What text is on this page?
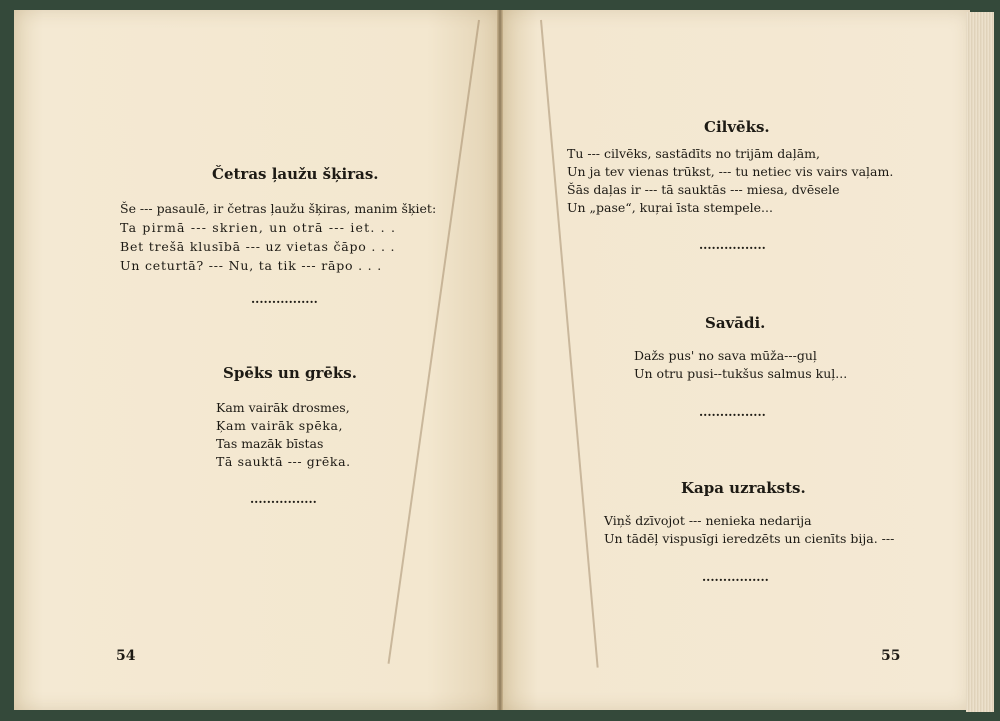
Četras ļaužu šķiras.
Še --- pasaulē, ir četras ļaužu šķiras, manim šķiet:
Ta pirmā --- skrien, un otrā --- iet. . .
Bet trešā klusībā --- uz vietas čāpo . . .
Un ceturtā? --- Nu, ta tik --- rāpo . . .
................
Spēks un grēks.
Kam vairāk drosmes,
Ķam vairāk spēka,
Tas mazāk bīstas
Tā sauktā --- grēka.
................
54
Cilvēks.
Tu --- cilvēks, sastādīts no trijām daļām,
Un ja tev vienas trūkst, --- tu netiec vis vairs vaļam.
Šās daļas ir --- tā sauktās --- miesa, dvēsele
Un „pase“, kuŗai īsta stempele...
................
Savādi.
Dažs pus' no sava mūža---guļ
Un otru pusi--tukšus salmus kuļ...
................
Kapa uzraksts.
Viņš dzīvojot --- nenieka nedarija
Un tādēļ vispusīgi ieredzēts un cienīts bija. ---
................
55
